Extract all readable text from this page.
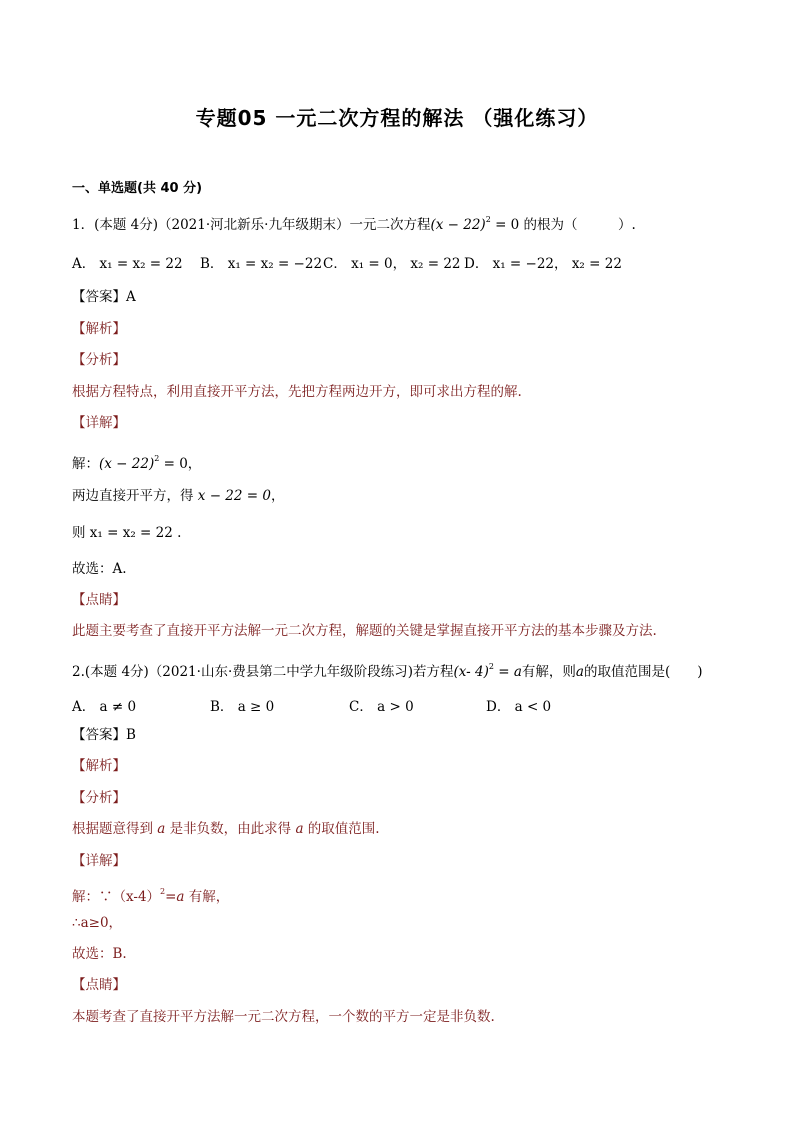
专题05 一元二次方程的解法 （强化练习）
一、单选题(共 40 分)
1．(本题 4分)（2021·河北新乐·九年级期末）一元二次方程$(x - 22)^2 = 0$ 的根为（　　　）.
A． x₁ = x₂ = 22 B． x₁ = x₂ = −22 C． x₁ = 0， x₂ = 22 D． x₁ = −22， x₂ = 22
【答案】A
【解析】
【分析】
根据方程特点，利用直接开平方法，先把方程两边开方，即可求出方程的解.
【详解】
解：$(x - 22)^2 = 0$，
两边直接开平方，得 x − 22 = 0，
则 x₁ = x₂ = 22 .
故选：A.
【点睛】
此题主要考查了直接开平方法解一元二次方程，解题的关键是掌握直接开平方法的基本步骤及方法.
2.(本题 4分)（2021·山东·费县第二中学九年级阶段练习)若方程(x- 4)$^2$ = a有解，则a的取值范围是(　　)
A． a ≠ 0	B． a ≥ 0	C． a > 0	D． a < 0
【答案】B
【解析】
【分析】
根据题意得到 a 是非负数，由此求得 a 的取值范围.
【详解】
解：$\because(x-4)^2=a$ 有解，
∴a≥0，
故选：B.
【点睛】
本题考查了直接开平方法解一元二次方程，一个数的平方一定是非负数.
